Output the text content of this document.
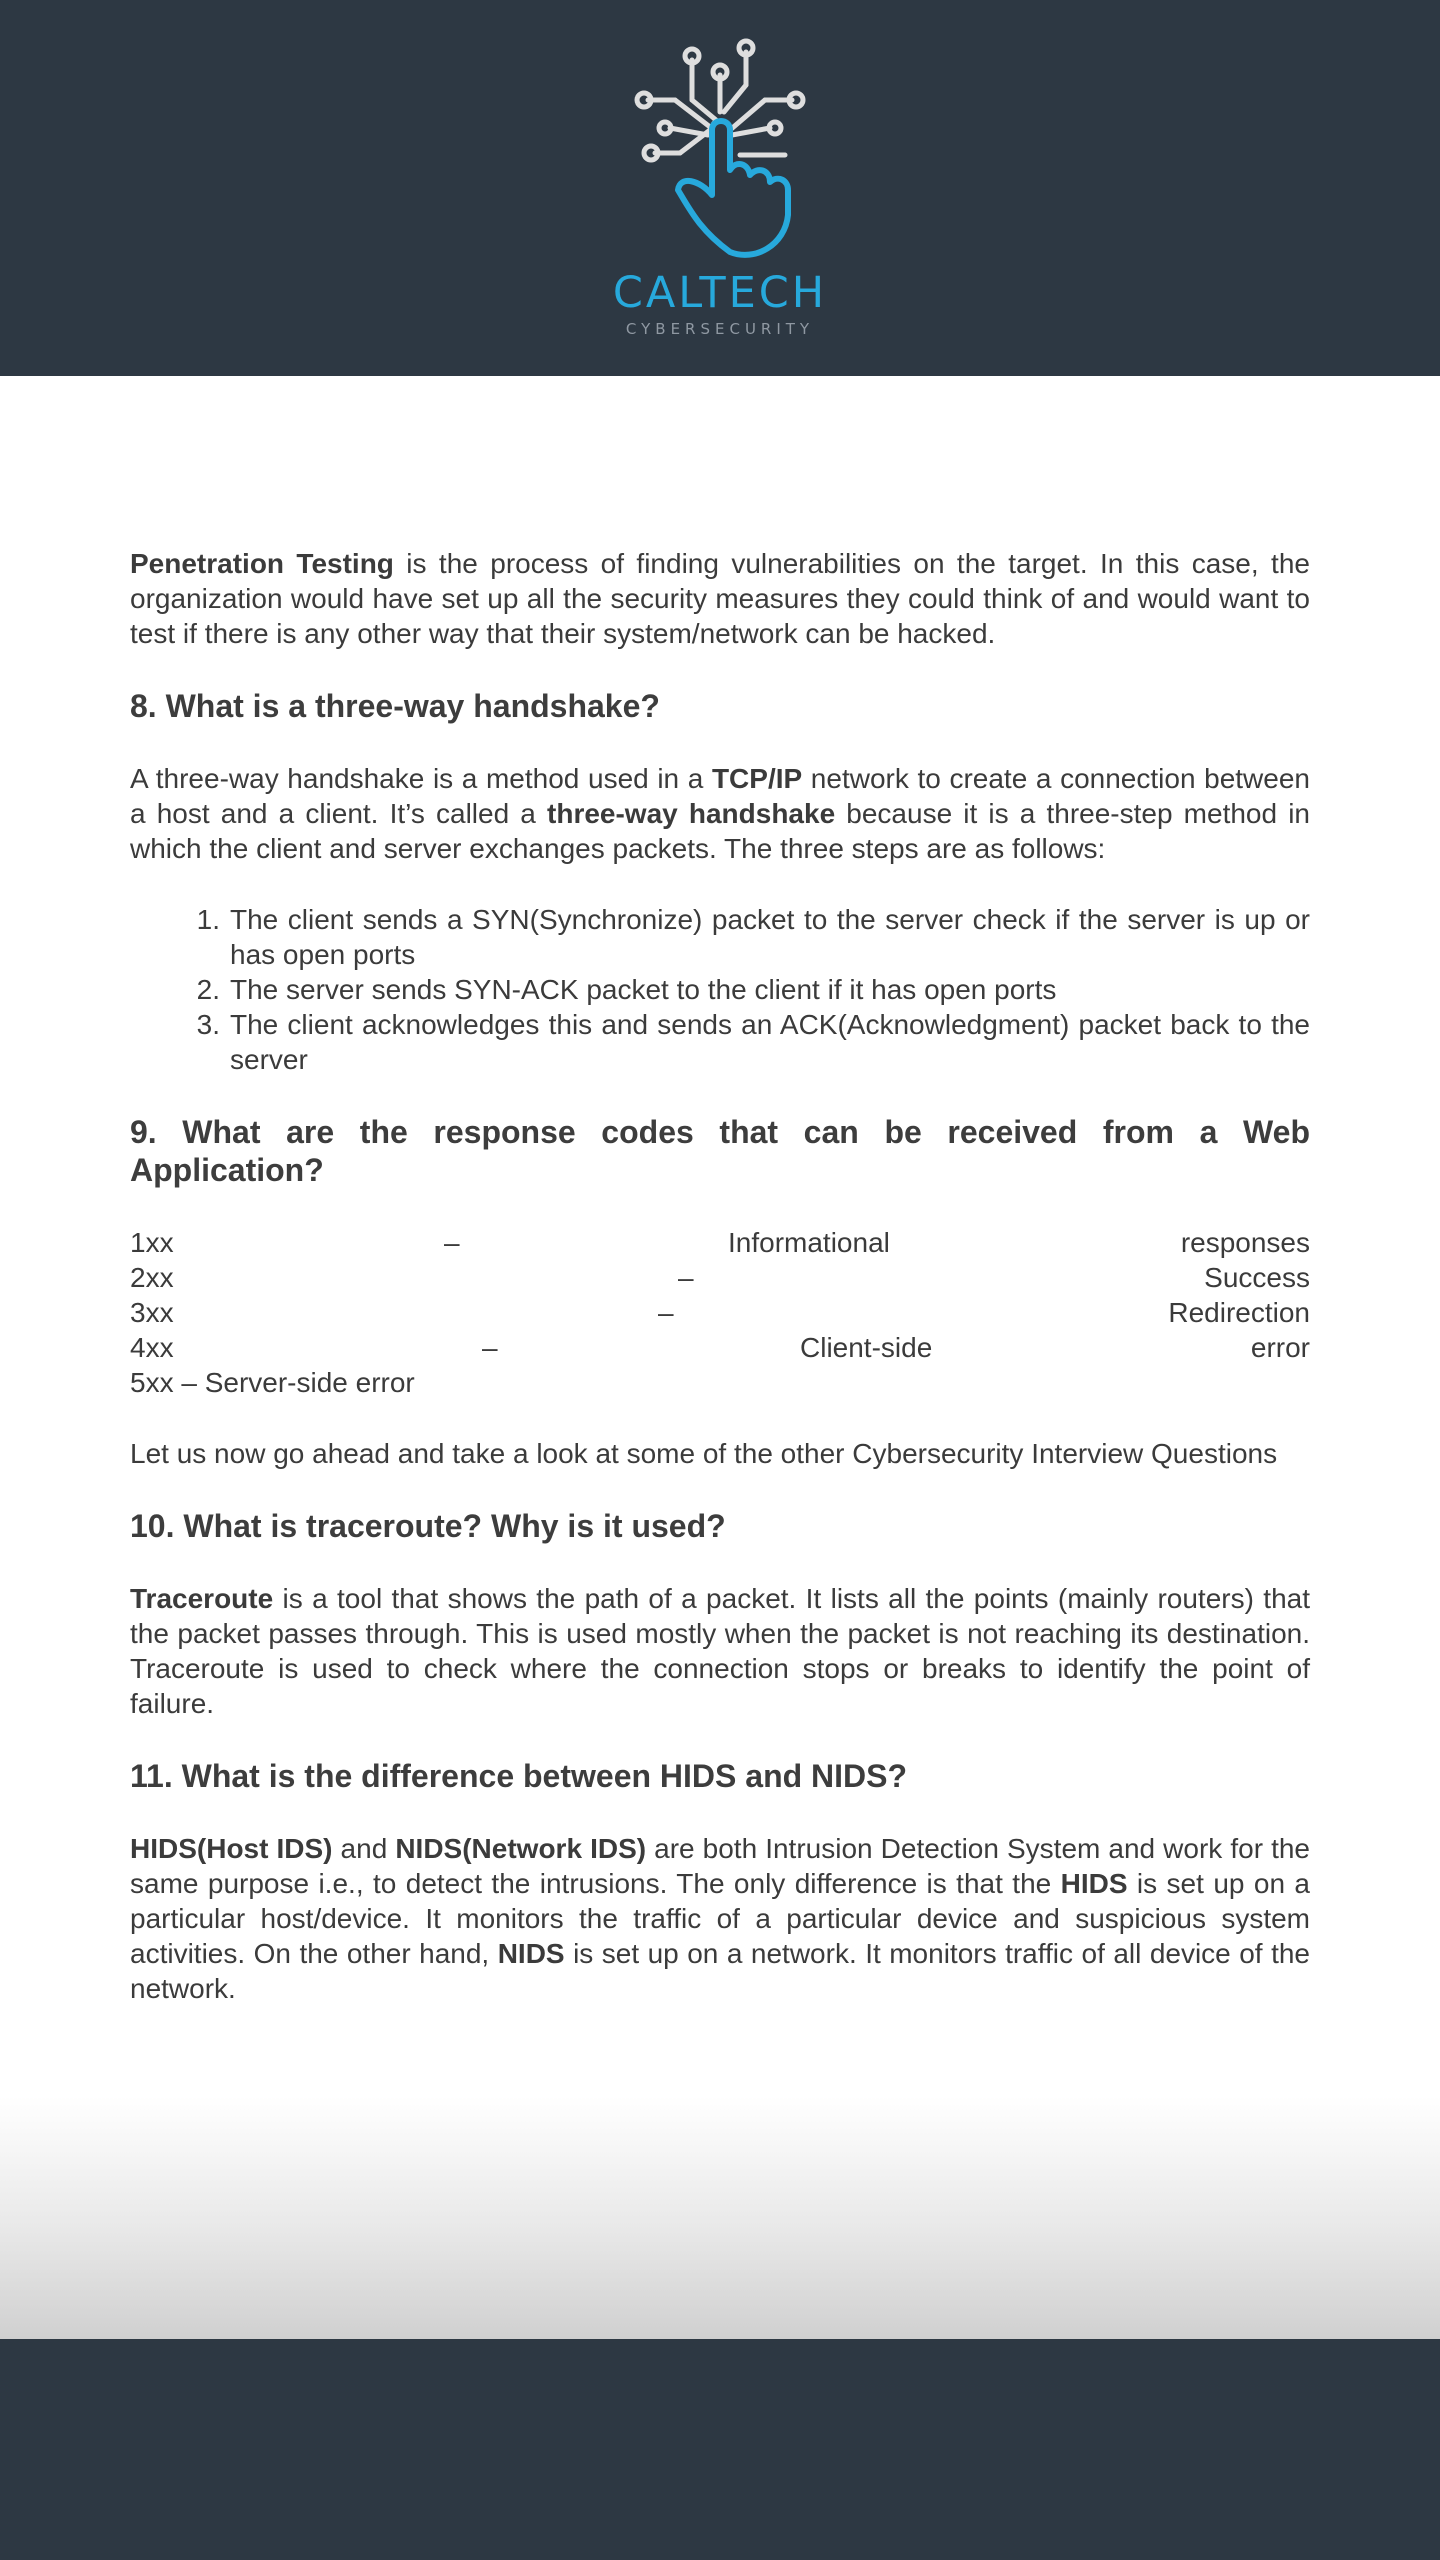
CALTECH
CYBERSECURITY

Penetration Testing is the process of finding vulnerabilities on the target. In this case, the organization would have set up all the security measures they could think of and would want to test if there is any other way that their system/network can be hacked.

8. What is a three-way handshake?

A three-way handshake is a method used in a TCP/IP network to create a connection between a host and a client. It’s called a three-way handshake because it is a three-step method in which the client and server exchanges packets. The three steps are as follows:

1. The client sends a SYN(Synchronize) packet to the server check if the server is up or has open ports
2. The server sends SYN-ACK packet to the client if it has open ports
3. The client acknowledges this and sends an ACK(Acknowledgment) packet back to the server
9. What are the response codes that can be received from a Web Application?
1xx	–	Informational	responses
2xx	–	Success
3xx	–	Redirection
4xx	–	Client-side	error
5xx – Server-side error

Let us now go ahead and take a look at some of the other Cybersecurity Interview Questions

10. What is traceroute? Why is it used?

Traceroute is a tool that shows the path of a packet. It lists all the points (mainly routers) that the packet passes through. This is used mostly when the packet is not reaching its destination. Traceroute is used to check where the connection stops or breaks to identify the point of failure.

11. What is the difference between HIDS and NIDS?

HIDS(Host IDS) and NIDS(Network IDS) are both Intrusion Detection System and work for the same purpose i.e., to detect the intrusions. The only difference is that the HIDS is set up on a particular host/device. It monitors the traffic of a particular device and suspicious system activities. On the other hand, NIDS is set up on a network. It monitors traffic of all device of the network.
